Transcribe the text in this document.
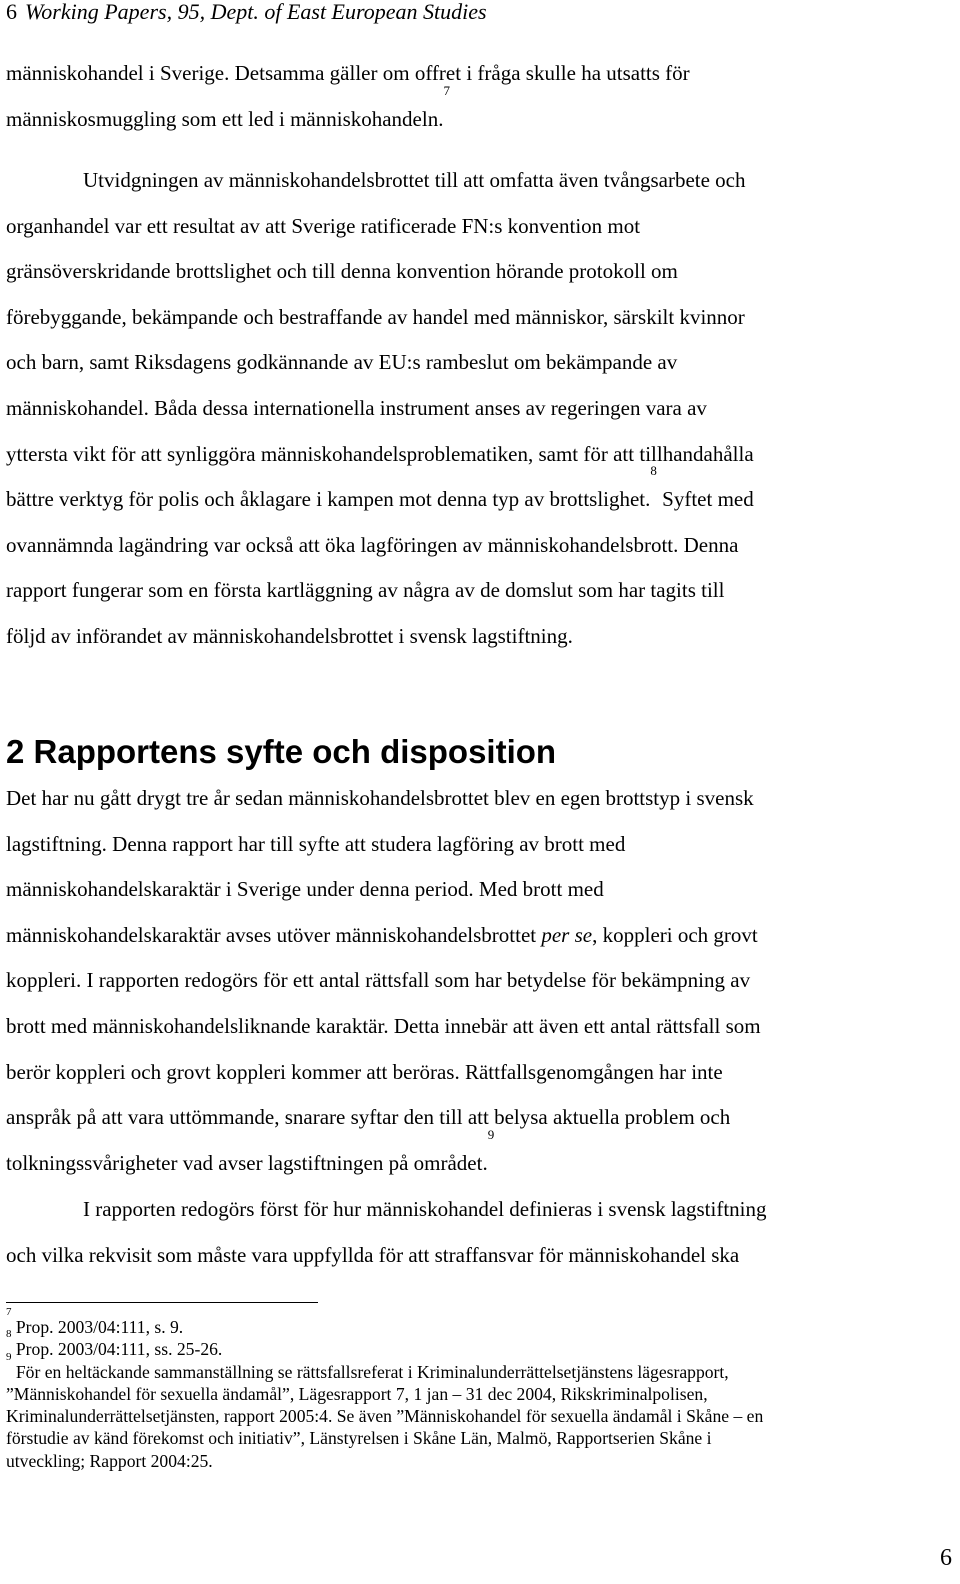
6 Working Papers, 95, Dept. of East European Studies
människohandel i Sverige. Detsamma gäller om offret i fråga skulle ha utsatts för
människosmuggling som ett led i människohandeln.$^7$
Utvidgningen av människohandelsbrottet till att omfatta även tvångsarbete och
organhandel var ett resultat av att Sverige ratificerade FN:s konvention mot
gränsöverskridande brottslighet och till denna konvention hörande protokoll om
förebyggande, bekämpande och bestraffande av handel med människor, särskilt kvinnor
och barn, samt Riksdagens godkännande av EU:s rambeslut om bekämpande av
människohandel. Båda dessa internationella instrument anses av regeringen vara av
yttersta vikt för att synliggöra människohandelsproblematiken, samt för att tillhandahålla
bättre verktyg för polis och åklagare i kampen mot denna typ av brottslighet.$^8$ Syftet med
ovannämnda lagändring var också att öka lagföringen av människohandelsbrott. Denna
rapport fungerar som en första kartläggning av några av de domslut som har tagits till
följd av införandet av människohandelsbrottet i svensk lagstiftning.
2 Rapportens syfte och disposition
Det har nu gått drygt tre år sedan människohandelsbrottet blev en egen brottstyp i svensk
lagstiftning. Denna rapport har till syfte att studera lagföring av brott med
människohandelskaraktär i Sverige under denna period. Med brott med
människohandelskaraktär avses utöver människohandelsbrottet per se, koppleri och grovt
koppleri. I rapporten redogörs för ett antal rättsfall som har betydelse för bekämpning av
brott med människohandelsliknande karaktär. Detta innebär att även ett antal rättsfall som
berör koppleri och grovt koppleri kommer att beröras. Rättfallsgenomgången har inte
anspråk på att vara uttömmande, snarare syftar den till att belysa aktuella problem och
tolkningssvårigheter vad avser lagstiftningen på området.$^9$
I rapporten redogörs först för hur människohandel definieras i svensk lagstiftning
och vilka rekvisit som måste vara uppfyllda för att straffansvar för människohandel ska
$^7$ Prop. 2003/04:111, s. 9.
$^8$ Prop. 2003/04:111, ss. 25-26.
$^9$ För en heltäckande sammanställning se rättsfallsreferat i Kriminalunderrättelsetjänstens lägesrapport,
”Människohandel för sexuella ändamål”, Lägesrapport 7, 1 jan – 31 dec 2004, Rikskriminalpolisen,
Kriminalunderrättelsetjänsten, rapport 2005:4. Se även ”Människohandel för sexuella ändamål i Skåne – en
förstudie av känd förekomst och initiativ”, Länstyrelsen i Skåne Län, Malmö, Rapportserien Skåne i
utveckling; Rapport 2004:25.
6
